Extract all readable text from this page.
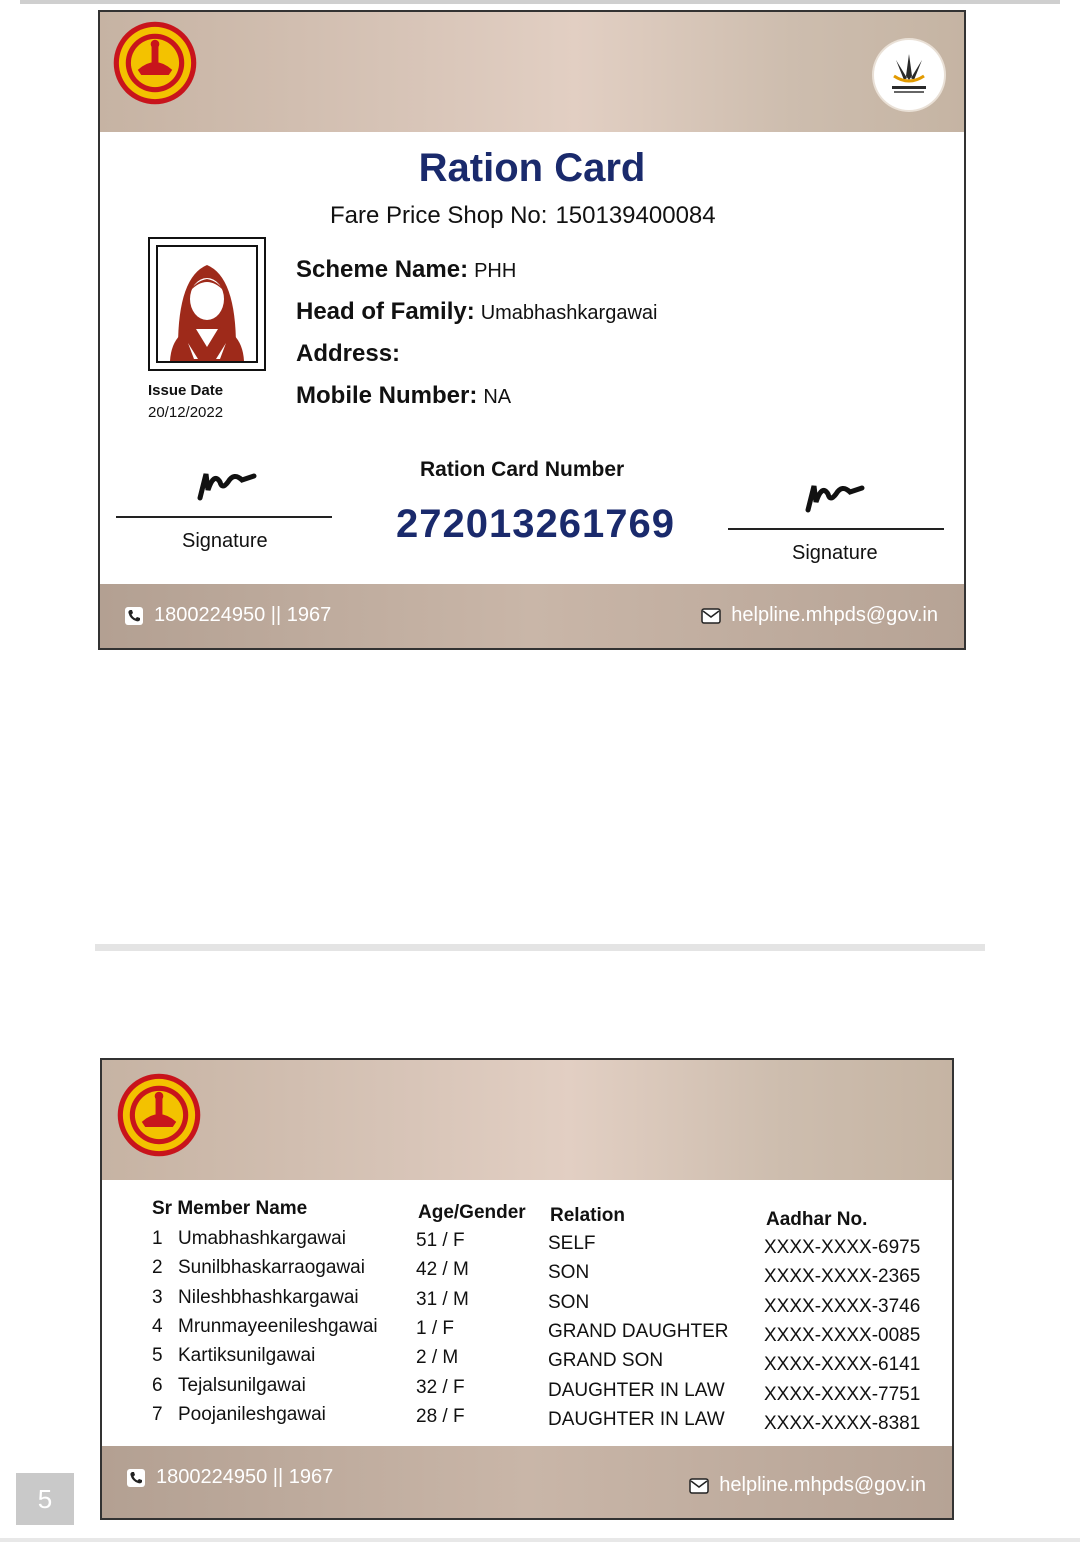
Ration Card
Fare Price Shop No: 150139400084
Issue Date
20/12/2022
Scheme Name: PHH
Head of Family: Umabhashkargawai
Address:
Mobile Number: NA
Signature
Ration Card Number
272013261769
Signature
1800224950 || 1967	helpline.mhpds@gov.in
Sr Member Name	Age/Gender Relation	Aadhar No.
1 Umabhashkargawai	51 / F	SELF	XXXX-XXXX-6975
2 Sunilbhaskarraogawai	42 / M	SON	XXXX-XXXX-2365
3 Nileshbhashkargawai	31 / M	SON	XXXX-XXXX-3746
4 Mrunmayeenileshgawai 1 / F	GRAND DAUGHTER XXXX-XXXX-0085
5 Kartiksunilgawai	2 / M	GRAND SON	XXXX-XXXX-6141
6 Tejalsunilgawai	32 / F	DAUGHTER IN LAW XXXX-XXXX-7751
7 Poojanileshgawai	28 / F	DAUGHTER IN LAW XXXX-XXXX-8381
1800224950 || 1967	helpline.mhpds@gov.in
5
